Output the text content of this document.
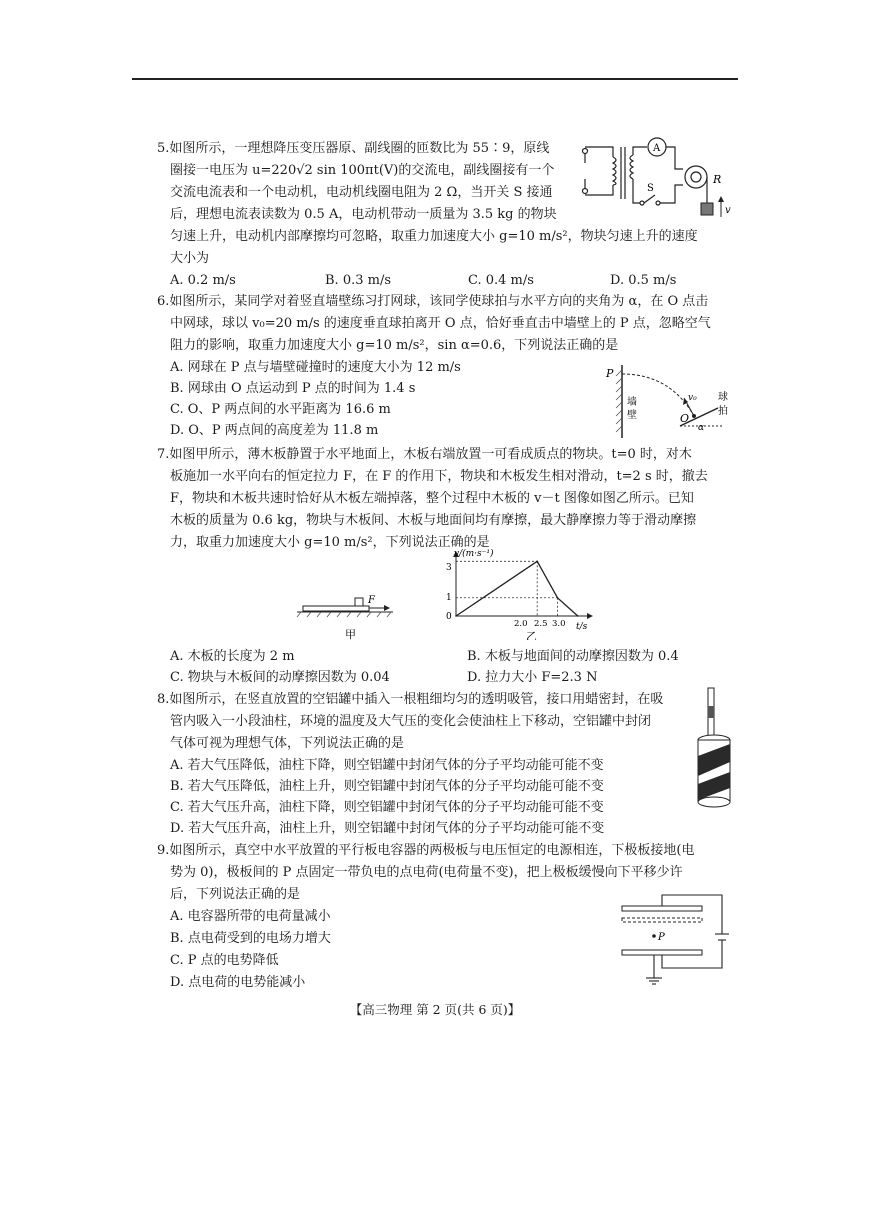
5.如图所示，一理想降压变压器原、副线圈的匝数比为 55∶9，原线
圈接一电压为 u=220√2 sin 100πt(V)的交流电，副线圈接有一个
交流电流表和一个电动机，电动机线圈电阻为 2 Ω，当开关 S 接通
后，理想电流表读数为 0.5 A，电动机带动一质量为 3.5 kg 的物块
匀速上升，电动机内部摩擦均可忽略，取重力加速度大小 g=10 m/s²，物块匀速上升的速度
大小为
A. 0.2 m/s	B. 0.3 m/s	C. 0.4 m/s	D. 0.5 m/s
A
R
S
v
6.如图所示，某同学对着竖直墙壁练习打网球，该同学使球拍与水平方向的夹角为 α，在 O 点击
中网球，球以 v₀=20 m/s 的速度垂直球拍离开 O 点，恰好垂直击中墙壁上的 P 点，忽略空气
阻力的影响，取重力加速度大小 g=10 m/s²，sin α=0.6，下列说法正确的是
A. 网球在 P 点与墙壁碰撞时的速度大小为 12 m/s
B. 网球由 O 点运动到 P 点的时间为 1.4 s
C. O、P 两点间的水平距离为 16.6 m
D. O、P 两点间的高度差为 11.8 m
P
O
v₀
α
墙
壁
球
拍
7.如图甲所示，薄木板静置于水平地面上，木板右端放置一可看成质点的物块。t=0 时，对木
板施加一水平向右的恒定拉力 F，在 F 的作用下，物块和木板发生相对滑动，t=2 s 时，撤去
F，物块和木板共速时恰好从木板左端掉落，整个过程中木板的 v－t 图像如图乙所示。已知
木板的质量为 0.6 kg，物块与木板间、木板与地面间均有摩擦，最大静摩擦力等于滑动摩擦
力，取重力加速度大小 g=10 m/s²，下列说法正确的是
F
甲
v/(m·s⁻¹)
t/s
3
1
0
2.0 2.5 3.0
乙
A. 木板的长度为 2 m	B. 木板与地面间的动摩擦因数为 0.4
C. 物块与木板间的动摩擦因数为 0.04	D. 拉力大小 F=2.3 N
8.如图所示，在竖直放置的空铝罐中插入一根粗细均匀的透明吸管，接口用蜡密封，在吸
管内吸入一小段油柱，环境的温度及大气压的变化会使油柱上下移动，空铝罐中封闭
气体可视为理想气体，下列说法正确的是
A. 若大气压降低，油柱下降，则空铝罐中封闭气体的分子平均动能可能不变
B. 若大气压降低，油柱上升，则空铝罐中封闭气体的分子平均动能可能不变
C. 若大气压升高，油柱下降，则空铝罐中封闭气体的分子平均动能可能不变
D. 若大气压升高，油柱上升，则空铝罐中封闭气体的分子平均动能可能不变
9.如图所示，真空中水平放置的平行板电容器的两极板与电压恒定的电源相连，下极板接地(电
势为 0)，极板间的 P 点固定一带负电的点电荷(电荷量不变)，把上极板缓慢向下平移少许
后，下列说法正确的是
A. 电容器所带的电荷量减小
B. 点电荷受到的电场力增大
C. P 点的电势降低
D. 点电荷的电势能减小
P
【高三物理 第 2 页(共 6 页)】
